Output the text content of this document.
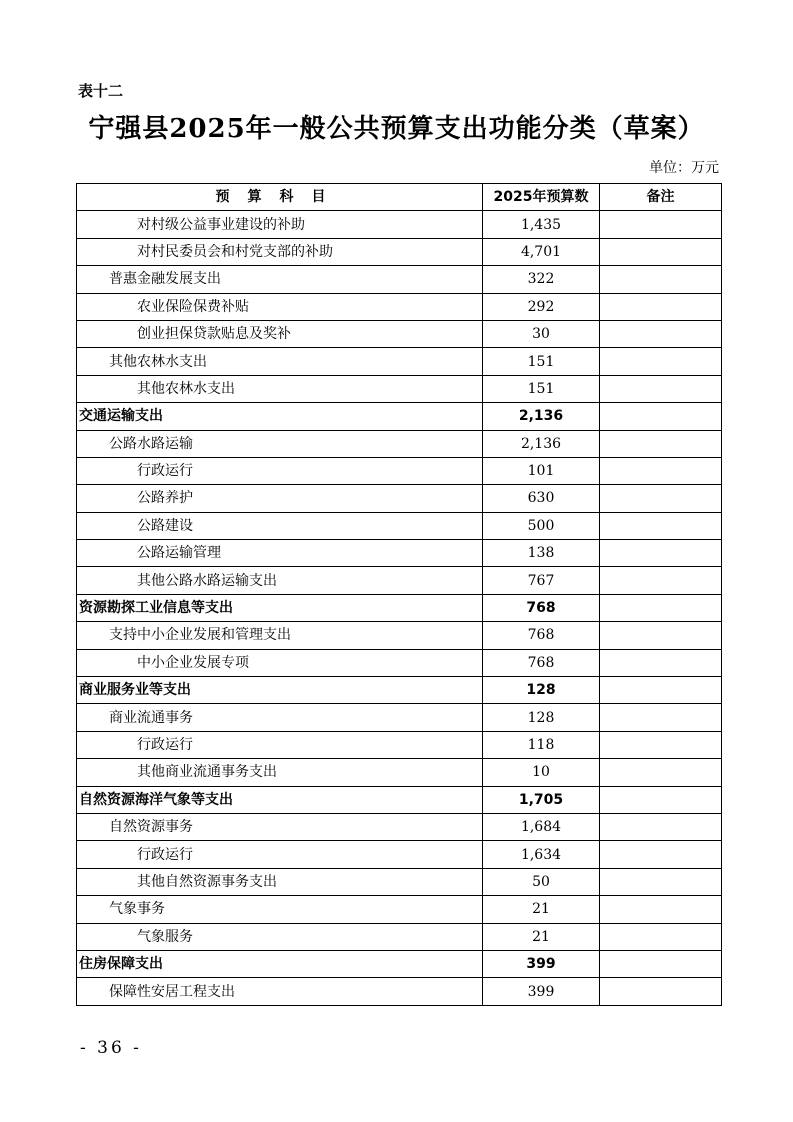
表十二
宁强县2025年一般公共预算支出功能分类（草案）
单位：万元
预算科目	2025年预算数	备注
对村级公益事业建设的补助	1,435	
对村民委员会和村党支部的补助	4,701	
普惠金融发展支出	322	
农业保险保费补贴	292	
创业担保贷款贴息及奖补	30	
其他农林水支出	151	
其他农林水支出	151	
交通运输支出	2,136	
公路水路运输	2,136	
行政运行	101	
公路养护	630	
公路建设	500	
公路运输管理	138	
其他公路水路运输支出	767	
资源勘探工业信息等支出	768	
支持中小企业发展和管理支出	768	
中小企业发展专项	768	
商业服务业等支出	128	
商业流通事务	128	
行政运行	118	
其他商业流通事务支出	10	
自然资源海洋气象等支出	1,705	
自然资源事务	1,684	
行政运行	1,634	
其他自然资源事务支出	50	
气象事务	21	
气象服务	21	
住房保障支出	399	
保障性安居工程支出	399	
- 36 -
